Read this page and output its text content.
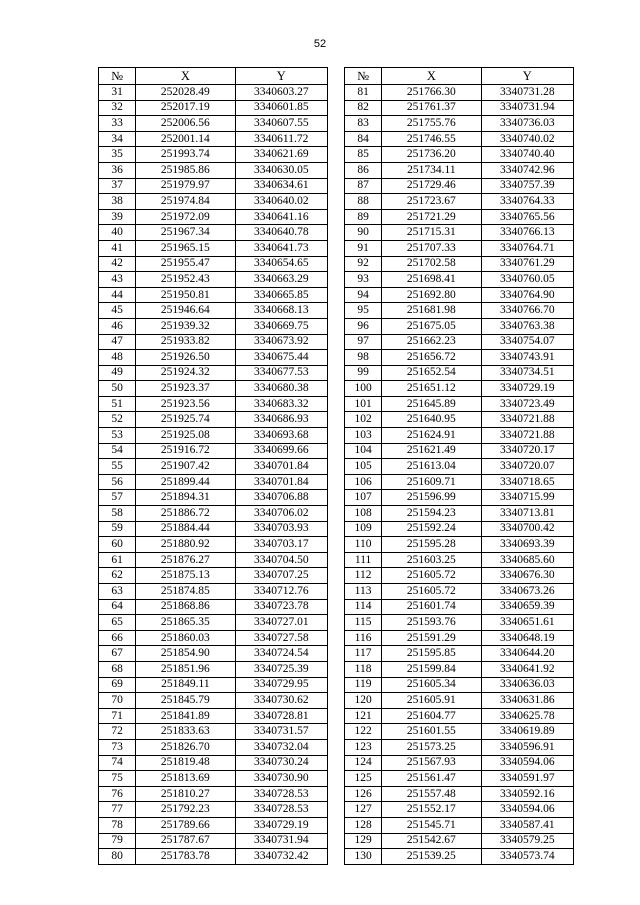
52
№	X	Y		№	X	Y
31	252028.49	3340603.27		81	251766.30	3340731.28
32	252017.19	3340601.85		82	251761.37	3340731.94
33	252006.56	3340607.55		83	251755.76	3340736.03
34	252001.14	3340611.72		84	251746.55	3340740.02
35	251993.74	3340621.69		85	251736.20	3340740.40
36	251985.86	3340630.05		86	251734.11	3340742.96
37	251979.97	3340634.61		87	251729.46	3340757.39
38	251974.84	3340640.02		88	251723.67	3340764.33
39	251972.09	3340641.16		89	251721.29	3340765.56
40	251967.34	3340640.78		90	251715.31	3340766.13
41	251965.15	3340641.73		91	251707.33	3340764.71
42	251955.47	3340654.65		92	251702.58	3340761.29
43	251952.43	3340663.29		93	251698.41	3340760.05
44	251950.81	3340665.85		94	251692.80	3340764.90
45	251946.64	3340668.13		95	251681.98	3340766.70
46	251939.32	3340669.75		96	251675.05	3340763.38
47	251933.82	3340673.92		97	251662.23	3340754.07
48	251926.50	3340675.44		98	251656.72	3340743.91
49	251924.32	3340677.53		99	251652.54	3340734.51
50	251923.37	3340680.38		100	251651.12	3340729.19
51	251923.56	3340683.32		101	251645.89	3340723.49
52	251925.74	3340686.93		102	251640.95	3340721.88
53	251925.08	3340693.68		103	251624.91	3340721.88
54	251916.72	3340699.66		104	251621.49	3340720.17
55	251907.42	3340701.84		105	251613.04	3340720.07
56	251899.44	3340701.84		106	251609.71	3340718.65
57	251894.31	3340706.88		107	251596.99	3340715.99
58	251886.72	3340706.02		108	251594.23	3340713.81
59	251884.44	3340703.93		109	251592.24	3340700.42
60	251880.92	3340703.17		110	251595.28	3340693.39
61	251876.27	3340704.50		111	251603.25	3340685.60
62	251875.13	3340707.25		112	251605.72	3340676.30
63	251874.85	3340712.76		113	251605.72	3340673.26
64	251868.86	3340723.78		114	251601.74	3340659.39
65	251865.35	3340727.01		115	251593.76	3340651.61
66	251860.03	3340727.58		116	251591.29	3340648.19
67	251854.90	3340724.54		117	251595.85	3340644.20
68	251851.96	3340725.39		118	251599.84	3340641.92
69	251849.11	3340729.95		119	251605.34	3340636.03
70	251845.79	3340730.62		120	251605.91	3340631.86
71	251841.89	3340728.81		121	251604.77	3340625.78
72	251833.63	3340731.57		122	251601.55	3340619.89
73	251826.70	3340732.04		123	251573.25	3340596.91
74	251819.48	3340730.24		124	251567.93	3340594.06
75	251813.69	3340730.90		125	251561.47	3340591.97
76	251810.27	3340728.53		126	251557.48	3340592.16
77	251792.23	3340728.53		127	251552.17	3340594.06
78	251789.66	3340729.19		128	251545.71	3340587.41
79	251787.67	3340731.94		129	251542.67	3340579.25
80	251783.78	3340732.42		130	251539.25	3340573.74
